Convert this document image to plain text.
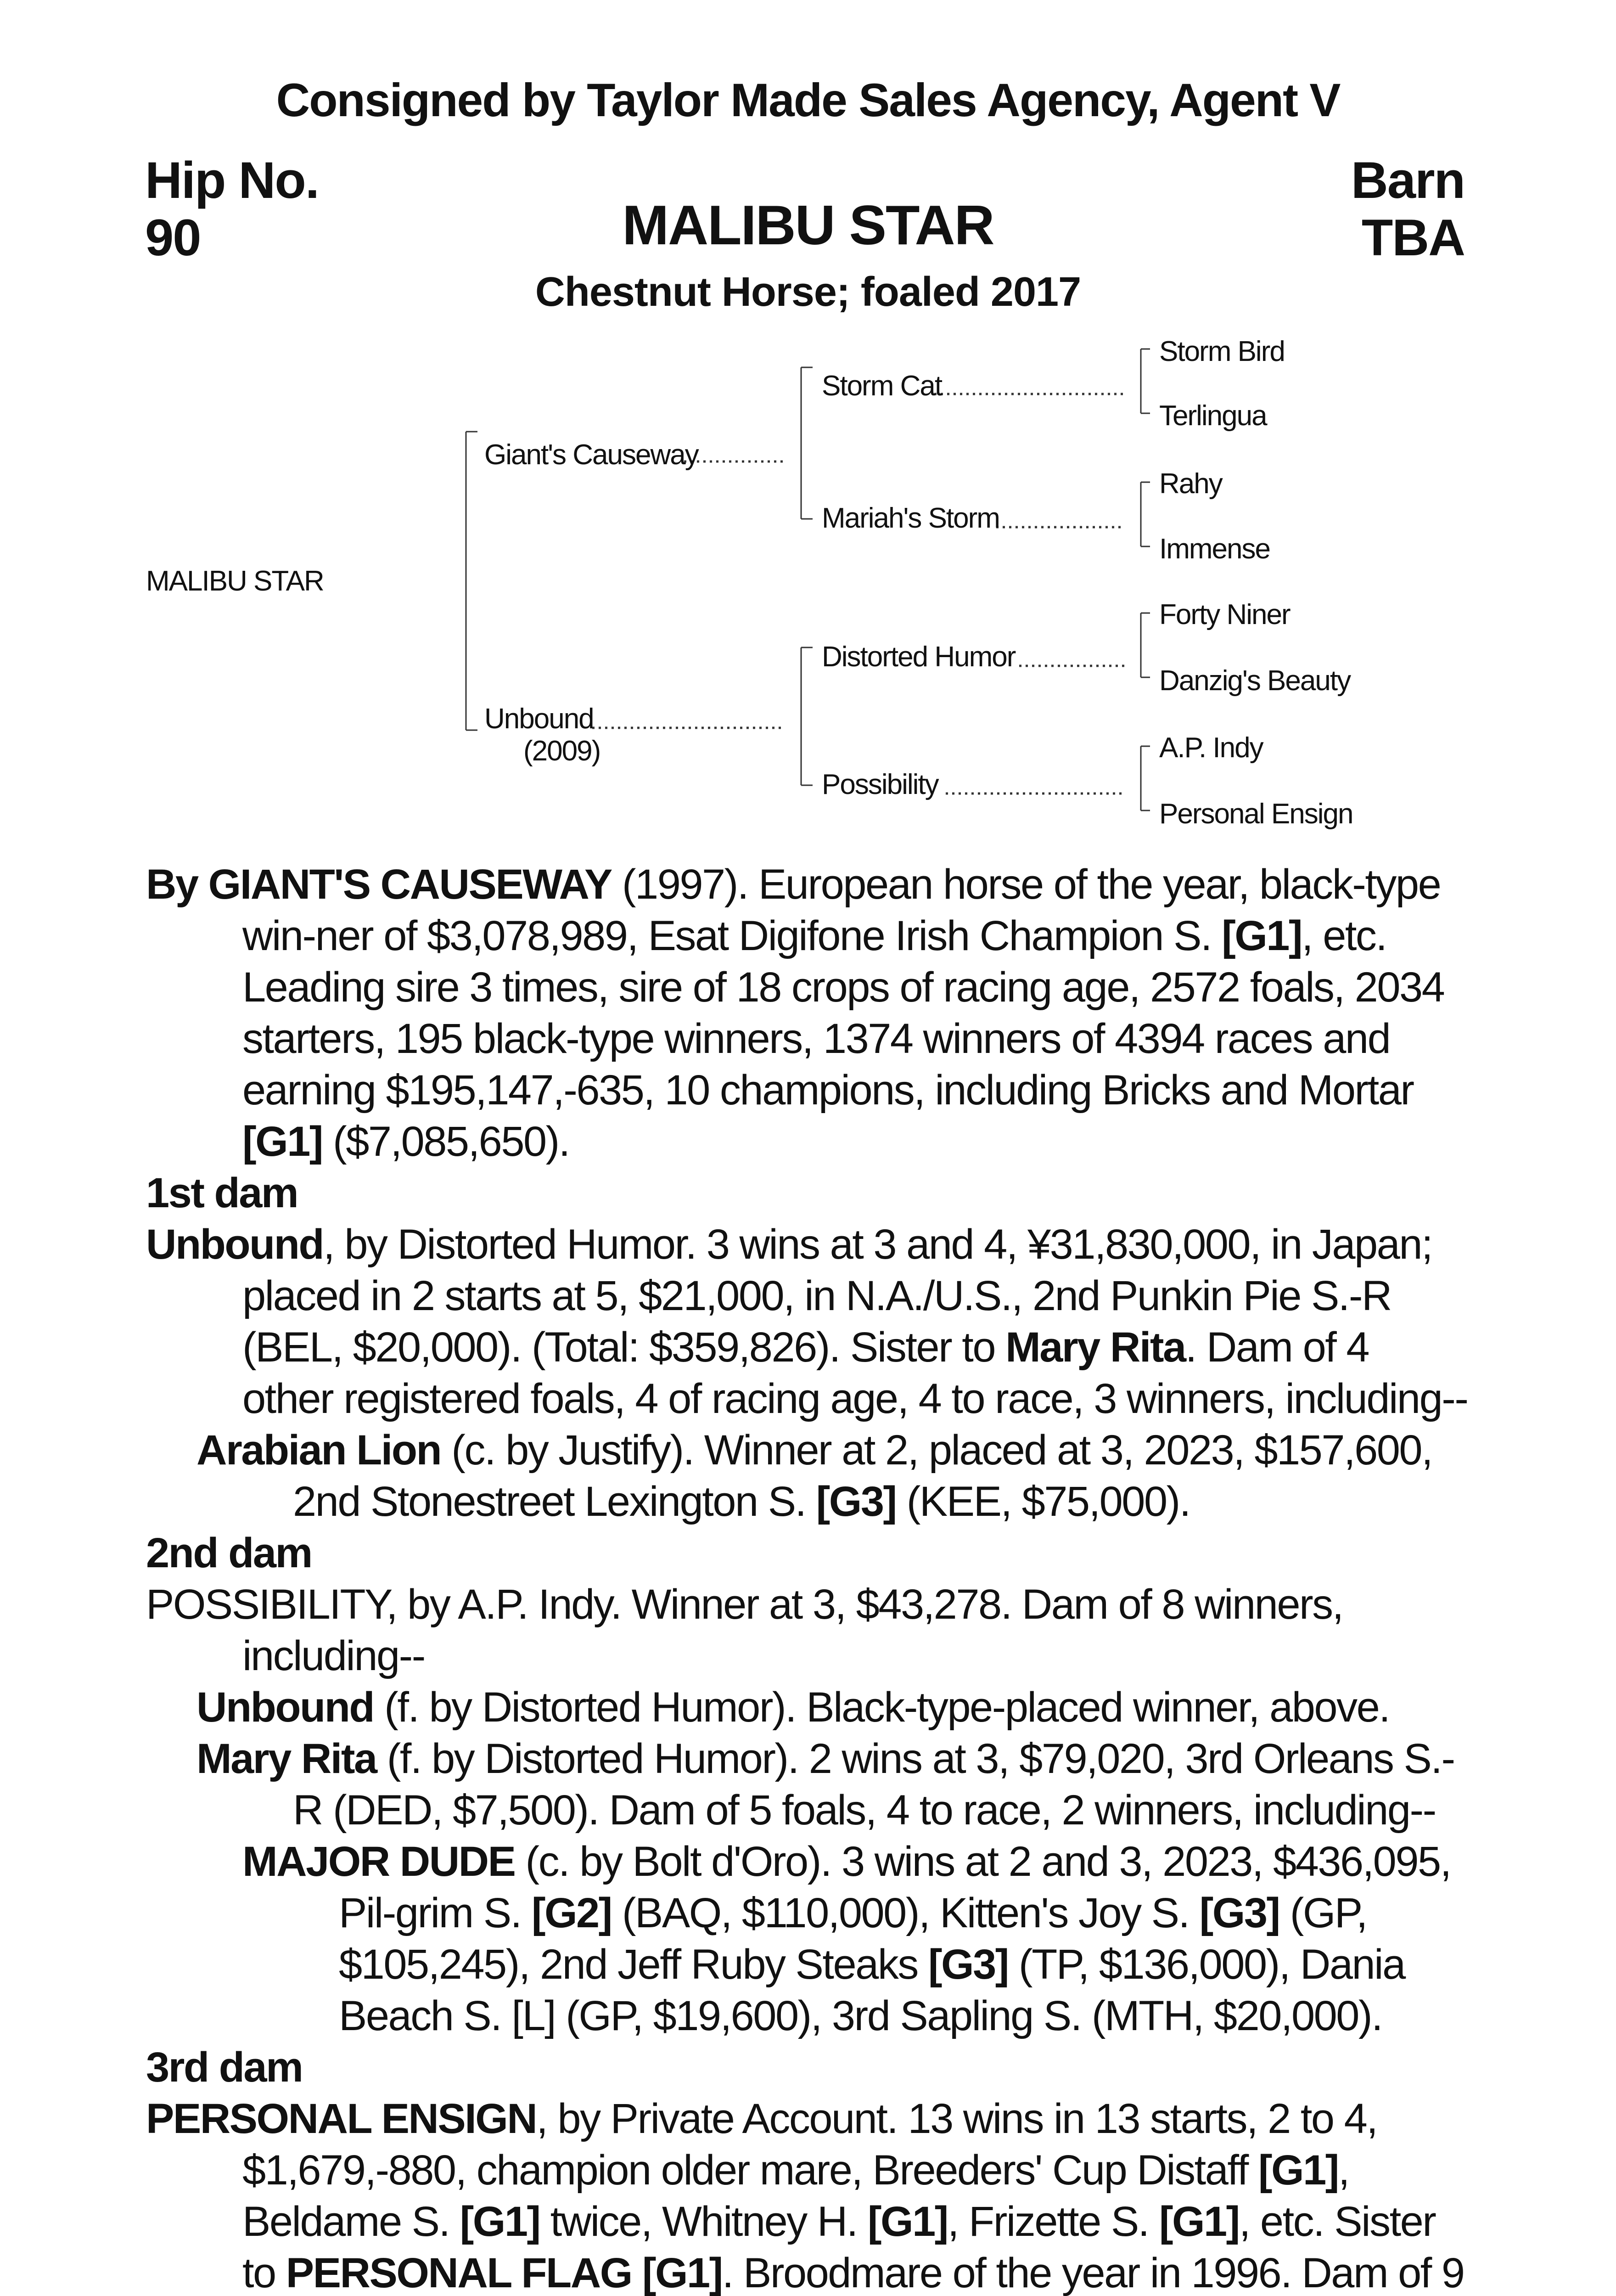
Consigned by Taylor Made Sales Agency, Agent V
Hip No.
90
Barn
TBA
MALIBU STAR
Chestnut Horse; foaled 2017
MALIBU STAR
Giant's Causeway
Unbound
(2009)
Storm Cat
Mariah's Storm
Distorted Humor
Possibility
Storm Bird
Terlingua
Rahy
Immense
Forty Niner
Danzig's Beauty
A.P. Indy
Personal Ensign

By GIANT'S CAUSEWAY (1997). European horse of the year, black-type win-ner of $3,078,989, Esat Digifone Irish Champion S. [G1], etc. Leading sire 3 times, sire of 18 crops of racing age, 2572 foals, 2034 starters, 195 black-type winners, 1374 winners of 4394 races and earning $195,147,-635, 10 champions, including Bricks and Mortar [G1] ($7,085,650).

1st dam

Unbound, by Distorted Humor. 3 wins at 3 and 4, ¥31,830,000, in Japan; placed in 2 starts at 5, $21,000, in N.A./U.S., 2nd Punkin Pie S.-R (BEL, $20,000). (Total: $359,826). Sister to Mary Rita. Dam of 4 other registered foals, 4 of racing age, 4 to race, 3 winners, including--

Arabian Lion (c. by Justify). Winner at 2, placed at 3, 2023, $157,600, 2nd Stonestreet Lexington S. [G3] (KEE, $75,000).

2nd dam

POSSIBILITY, by A.P. Indy. Winner at 3, $43,278. Dam of 8 winners, including--

Unbound (f. by Distorted Humor). Black-type-placed winner, above.

Mary Rita (f. by Distorted Humor). 2 wins at 3, $79,020, 3rd Orleans S.-R (DED, $7,500). Dam of 5 foals, 4 to race, 2 winners, including--

MAJOR DUDE (c. by Bolt d'Oro). 3 wins at 2 and 3, 2023, $436,095, Pil-grim S. [G2] (BAQ, $110,000), Kitten's Joy S. [G3] (GP, $105,245), 2nd Jeff Ruby Steaks [G3] (TP, $136,000), Dania Beach S. [L] (GP, $19,600), 3rd Sapling S. (MTH, $20,000).

3rd dam

PERSONAL ENSIGN, by Private Account. 13 wins in 13 starts, 2 to 4, $1,679,-880, champion older mare, Breeders' Cup Distaff [G1], Beldame S. [G1] twice, Whitney H. [G1], Frizette S. [G1], etc. Sister to PERSONAL FLAG [G1]. Broodmare of the year in 1996. Dam of 9
